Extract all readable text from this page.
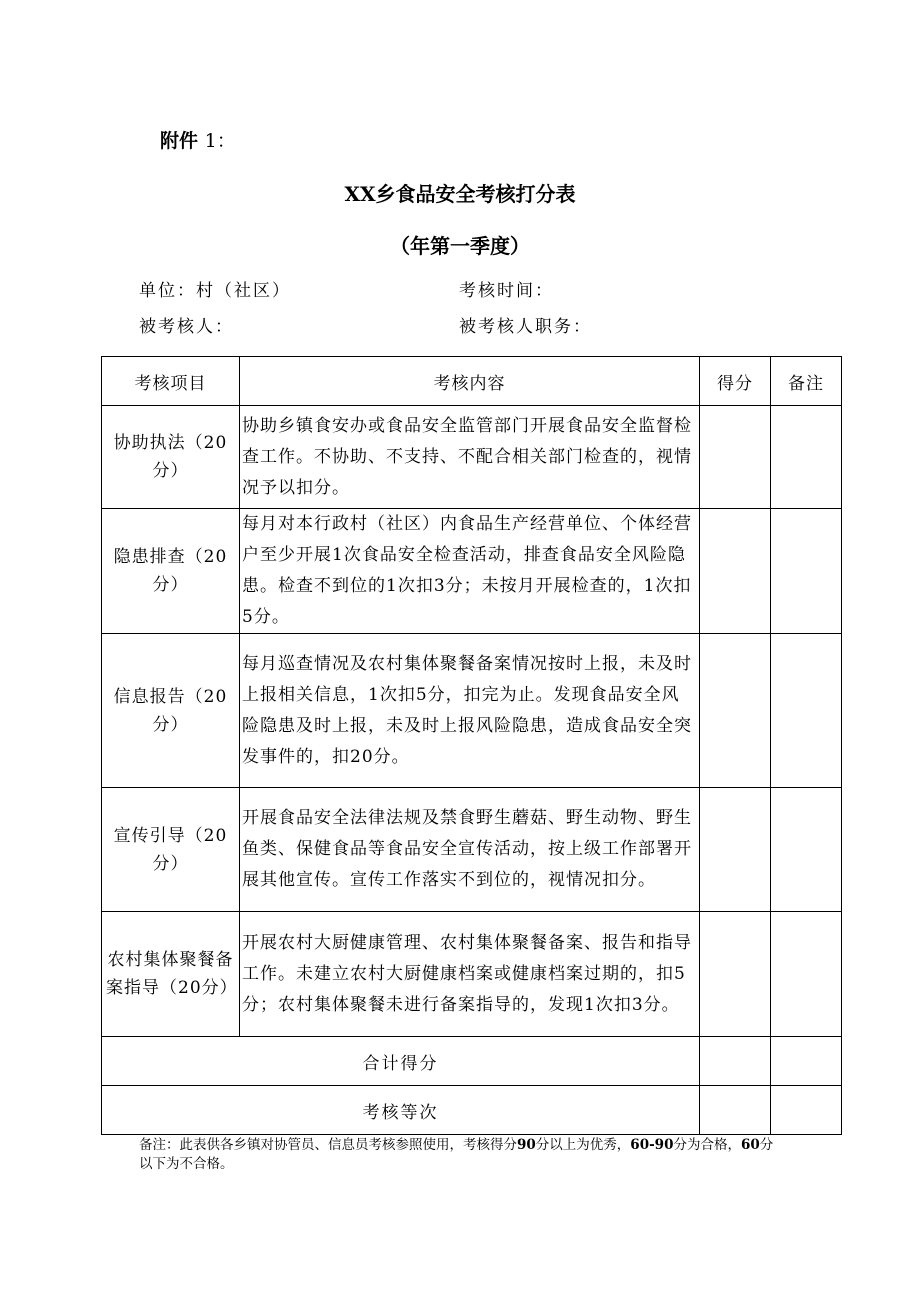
附件 1：
XX乡食品安全考核打分表
（年第一季度）
单位：村（社区）	考核时间：
被考核人：	被考核人职务：
考核项目	考核内容	得分	备注
协助执法（20分）	协助乡镇食安办或食品安全监管部门开展食品安全监督检查工作。不协助、不支持、不配合相关部门检查的，视情况予以扣分。		
隐患排查（20分）	每月对本行政村（社区）内食品生产经营单位、个体经营户至少开展1次食品安全检查活动，排查食品安全风险隐患。检查不到位的1次扣3分；未按月开展检查的，1次扣5分。		
信息报告（20分）	每月巡查情况及农村集体聚餐备案情况按时上报，未及时上报相关信息，1次扣5分，扣完为止。发现食品安全风险隐患及时上报，未及时上报风险隐患，造成食品安全突发事件的，扣20分。		
宣传引导（20分）	开展食品安全法律法规及禁食野生蘑菇、野生动物、野生鱼类、保健食品等食品安全宣传活动，按上级工作部署开展其他宣传。宣传工作落实不到位的，视情况扣分。		
农村集体聚餐备案指导（20分）	开展农村大厨健康管理、农村集体聚餐备案、报告和指导工作。未建立农村大厨健康档案或健康档案过期的，扣5分；农村集体聚餐未进行备案指导的，发现1次扣3分。		
合计得分			
考核等次			
备注：此表供各乡镇对协管员、信息员考核参照使用，考核得分90分以上为优秀，60-90分为合格，60分以下为不合格。
